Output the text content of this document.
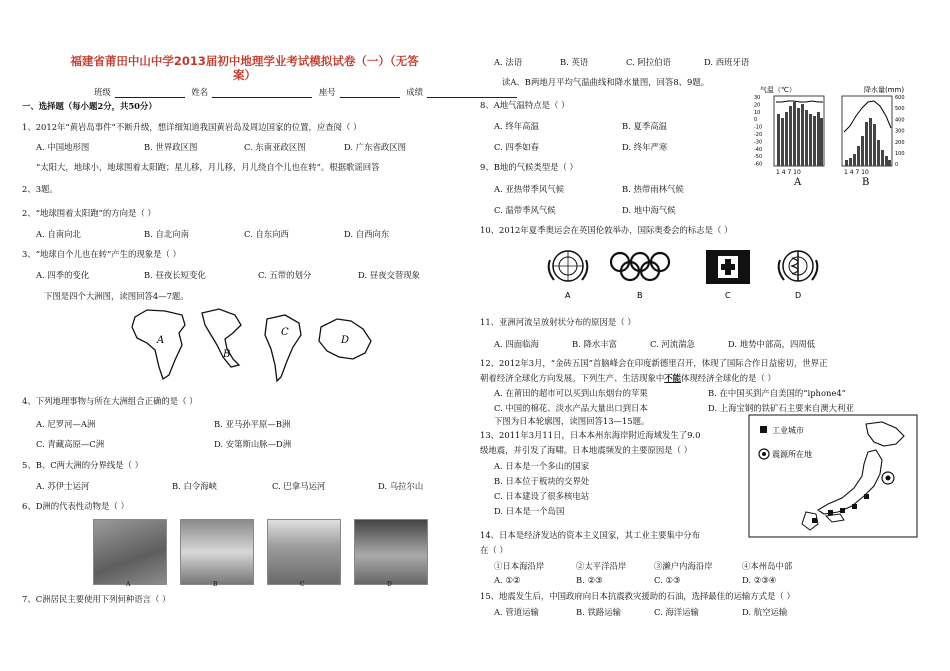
福建省莆田中山中学2013届初中地理学业考试模拟试卷（一）（无答
案）
班级	姓名	座号	成绩
一、选择题（每小题2分，共50分）
1、2012年“黄岩岛事件”不断升级，想详细知道我国黄岩岛及周边国家的位置，应查阅（ ）
A. 中国地形图	B. 世界政区图	C. 东南亚政区图	D. 广东省政区图
“太阳大，地球小，地球围着太阳跑；星儿移，月儿移，月儿绕自个儿也在转”。根据歌谣回答
2、3题。
2、“地球围着太阳跑”的方向是（ ）
A. 自南向北	B. 自北向南	C. 自东向西	D. 自西向东
3、“地球自个儿也在转”产生的现象是（ ）
A. 四季的变化	B. 昼夜长短变化	C. 五带的划分	D. 昼夜交替现象
下图是四个大洲图，读图回答4—7题。
A
B
C
D
4、下列地理事物与所在大洲组合正确的是（ ）
A. 尼罗河—A洲	B. 亚马孙平原—B洲
C. 青藏高原—C洲	D. 安第斯山脉—D洲
5、B、C两大洲的分界线是（ ）
A. 苏伊士运河	B. 白令海峡	C. 巴拿马运河	D. 乌拉尔山
6、D洲的代表性动物是（ ）
A	B	C	D
7、C洲居民主要使用下列何种语言（ ）
A. 法语	B. 英语	C. 阿拉伯语	D. 西班牙语
读A、B两地月平均气温曲线和降水量图，回答8、9题。
气温（℃）	降水量(mm)
1 4 7 10	1 4 7 10
A	B
30
20
10
0
-10
-20
-30
-40
-50
-60
600
500
400
300
200
100
0
8、A地气温特点是（ ）
A. 终年高温	B. 夏季高温
C. 四季如春	D. 终年严寒
9、B地的气候类型是（ ）
A. 亚热带季风气候	B. 热带雨林气候
C. 温带季风气候	D. 地中海气候
10、2012年夏季奥运会在英国伦敦举办，国际奥委会的标志是（ ）
A	B	C	D
11、亚洲河流呈放射状分布的原因是（ ）
A. 四面临海	B. 降水丰富	C. 河流湍急	D. 地势中部高，四周低
12、2012年3月，“金砖五国”首脑峰会在印度新德里召开，体现了国际合作日益密切，世界正
朝着经济全球化方向发展。下列生产、生活现象中不能体现经济全球化的是（ ）
A. 在莆田的超市可以买到山东烟台的苹果	B. 在中国买到产自美国的“iphone4”
C. 中国的棉花、淡水产品大量出口到日本	D. 上海宝钢的铁矿石主要来自澳大利亚
下图为日本轮廓图，读图回答13—15题。
13、2011年3月11日，日本本州东海岸附近海域发生了9.0
级地震，并引发了海啸。日本地震频发的主要原因是（ ）
A. 日本是一个多山的国家
B. 日本位于板块的交界处
C. 日本建设了很多核电站
D. 日本是一个岛国
工业城市
震源所在地
14、日本是经济发达的资本主义国家，其工业主要集中分布
在（ ）
①日本海沿岸	②太平洋沿岸	③濑户内海沿岸	④本州岛中部
A. ①②	B. ②③	C. ①③	D. ②③④
15、地震发生后，中国政府向日本抗震救灾援助的石油，选择最佳的运输方式是（ ）
A. 管道运输	B. 铁路运输	C. 海洋运输	D. 航空运输
